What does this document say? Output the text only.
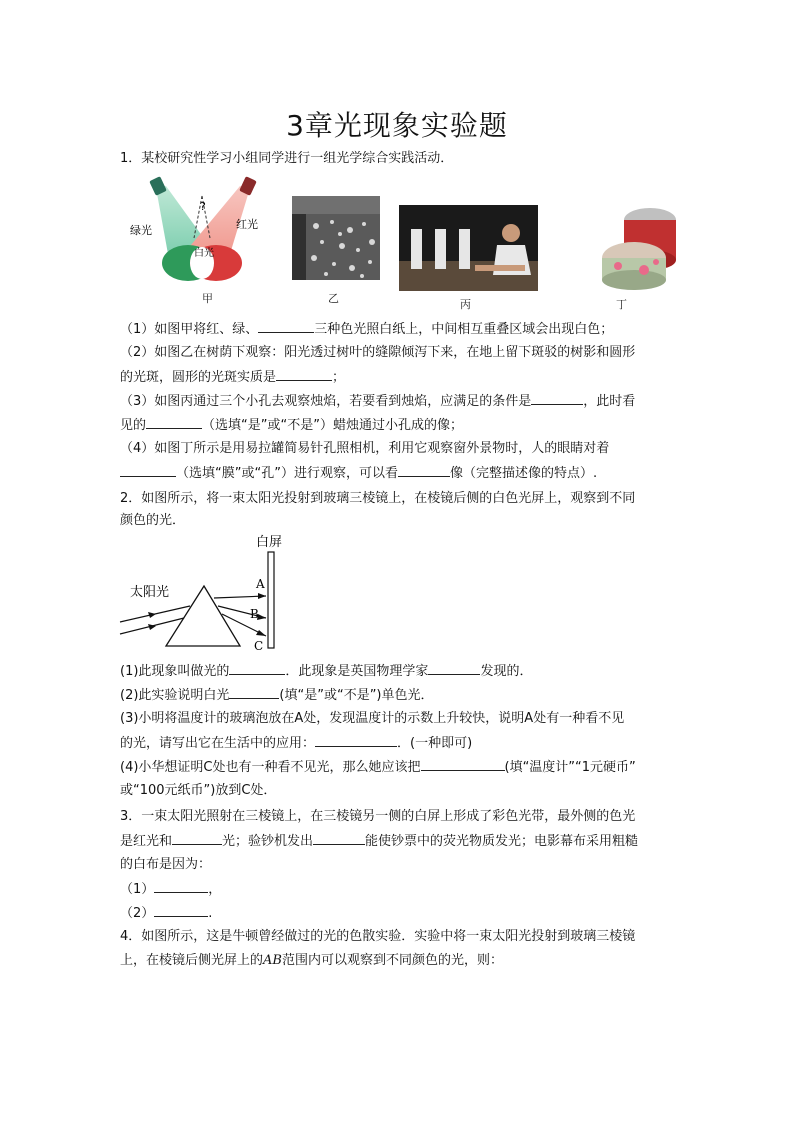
3章光现象实验题
1．某校研究性学习小组同学进行一组光学综合实践活动．
?
绿光	红光
白光
甲	乙	丙	丁
（1）如图甲将红、绿、	三种色光照白纸上，中间相互重叠区域会出现白色；
（2）如图乙在树荫下观察：阳光透过树叶的缝隙倾泻下来，在地上留下斑驳的树影和圆形
的光斑，圆形的光斑实质是	；
（3）如图丙通过三个小孔去观察烛焰，若要看到烛焰，应满足的条件是	，此时看
见的	（选填“是”或“不是”）蜡烛通过小孔成的像；
（4）如图丁所示是用易拉罐简易针孔照相机，利用它观察窗外景物时，人的眼睛对着
（选填“膜”或“孔”）进行观察，可以看	像（完整描述像的特点）.
2．如图所示，将一束太阳光投射到玻璃三棱镜上，在棱镜后侧的白色光屏上，观察到不同
颜色的光．
白屏
太阳光
A
B
C
(1)此现象叫做光的	．此现象是英国物理学家	发现的．
(2)此实验说明白光	(填“是”或“不是”)单色光．
(3)小明将温度计的玻璃泡放在A处，发现温度计的示数上升较快，说明A处有一种看不见
的光，请写出它在生活中的应用：	．(一种即可)
(4)小华想证明C处也有一种看不见光，那么她应该把	(填“温度计”“1元硬币”
或“100元纸币”)放到C处．
3．一束太阳光照射在三棱镜上，在三棱镜另一侧的白屏上形成了彩色光带，最外侧的色光
是红光和	光；验钞机发出	能使钞票中的荧光物质发光；电影幕布采用粗糙
的白布是因为：
（1）	，
（2）	.
4．如图所示，这是牛顿曾经做过的光的色散实验．实验中将一束太阳光投射到玻璃三棱镜
上，在棱镜后侧光屏上的AB范围内可以观察到不同颜色的光，则：
